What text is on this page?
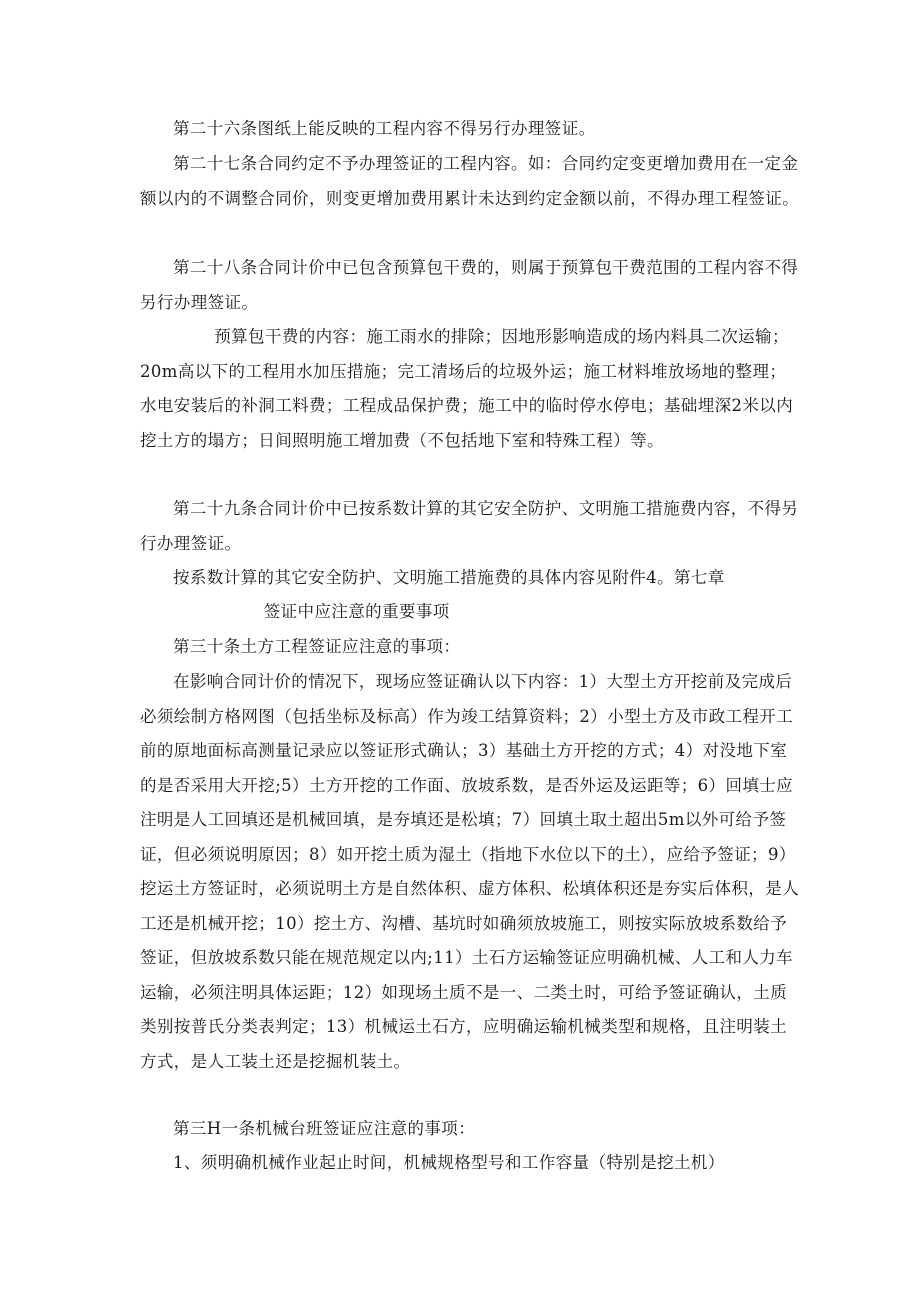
第二十六条图纸上能反映的工程内容不得另行办理签证。

第二十七条合同约定不予办理签证的工程内容。如：合同约定变更增加费用在一定金额以内的不调整合同价，则变更增加费用累计未达到约定金额以前，不得办理工程签证。

第二十八条合同计价中已包含预算包干费的，则属于预算包干费范围的工程内容不得另行办理签证。

预算包干费的内容：施工雨水的排除；因地形影响造成的场内料具二次运输；20m高以下的工程用水加压措施；完工清场后的垃圾外运；施工材料堆放场地的整理；水电安装后的补洞工料费；工程成品保护费；施工中的临时停水停电；基础埋深2米以内挖土方的塌方；日间照明施工增加费（不包括地下室和特殊工程）等。

第二十九条合同计价中已按系数计算的其它安全防护、文明施工措施费内容，不得另行办理签证。

按系数计算的其它安全防护、文明施工措施费的具体内容见附件4。第七章

签证中应注意的重要事项

第三十条土方工程签证应注意的事项：

在影响合同计价的情况下，现场应签证确认以下内容：1）大型土方开挖前及完成后必须绘制方格网图（包括坐标及标高）作为竣工结算资料；2）小型土方及市政工程开工前的原地面标高测量记录应以签证形式确认；3）基础土方开挖的方式；4）对没地下室的是否采用大开挖;5）土方开挖的工作面、放坡系数，是否外运及运距等；6）回填士应注明是人工回填还是机械回填，是夯填还是松填；7）回填土取土超出5m以外可给予签证，但必须说明原因；8）如开挖土质为湿土（指地下水位以下的土），应给予签证；9）挖运土方签证时，必须说明土方是自然体积、虚方体积、松填体积还是夯实后体积，是人工还是机械开挖；10）挖土方、沟槽、基坑时如确须放坡施工，则按实际放坡系数给予签证，但放坡系数只能在规范规定以内;11）土石方运输签证应明确机械、人工和人力车运输，必须注明具体运距；12）如现场土质不是一、二类土时，可给予签证确认，土质类别按普氏分类表判定；13）机械运土石方，应明确运输机械类型和规格，且注明装土方式，是人工装土还是挖掘机装土。

第三H一条机械台班签证应注意的事项：

1、须明确机械作业起止时间，机械规格型号和工作容量（特别是挖土机）
